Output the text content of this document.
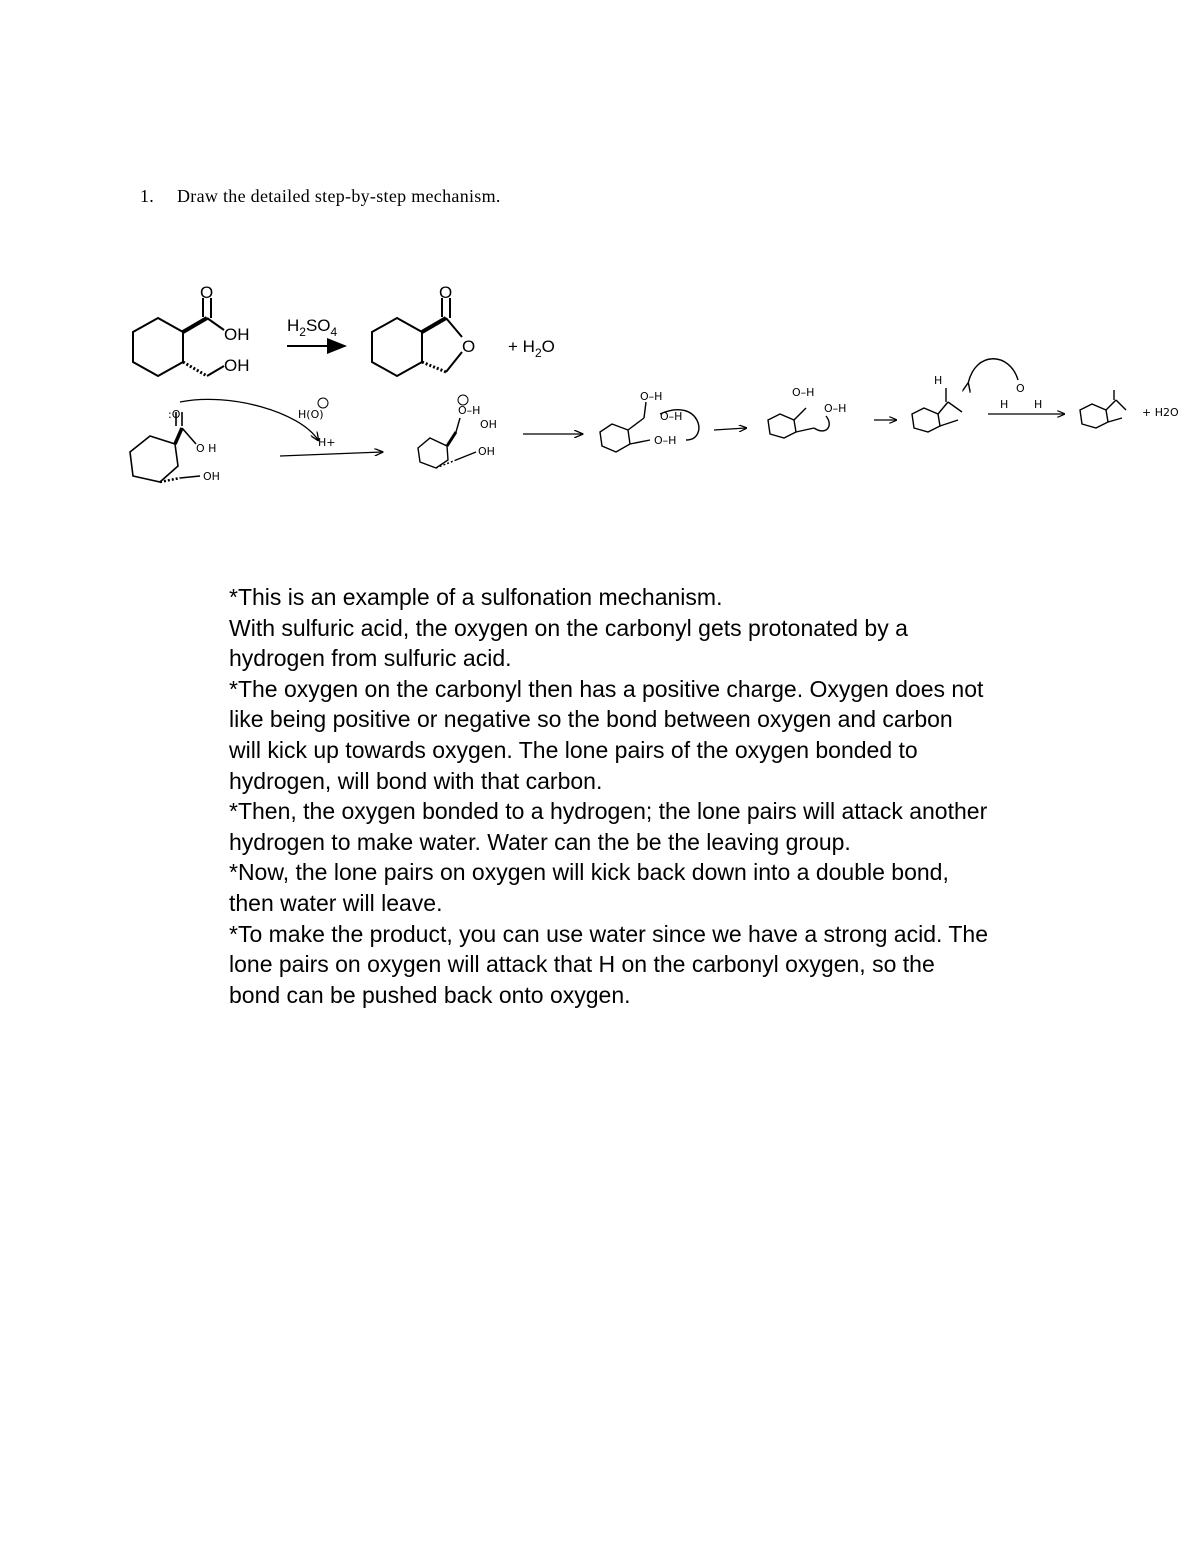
1. Draw the detailed step-by-step mechanism.
O
OH
OH
$H_2SO_4$
O
$O + H_2O$
:O
O H
OH
H(O)
H+
O–H
OH
OH
O–H
O–H
O–H
O–H
O–H
H
O
H H
+ H2O

*This is an example of a sulfonation mechanism.

With sulfuric acid, the oxygen on the carbonyl gets protonated by a hydrogen from sulfuric acid.

*The oxygen on the carbonyl then has a positive charge. Oxygen does not like being positive or negative so the bond between oxygen and carbon will kick up towards oxygen. The lone pairs of the oxygen bonded to hydrogen, will bond with that carbon.

*Then, the oxygen bonded to a hydrogen; the lone pairs will attack another hydrogen to make water. Water can the be the leaving group.

*Now, the lone pairs on oxygen will kick back down into a double bond, then water will leave.

*To make the product, you can use water since we have a strong acid. The lone pairs on oxygen will attack that H on the carbonyl oxygen, so the bond can be pushed back onto oxygen.
